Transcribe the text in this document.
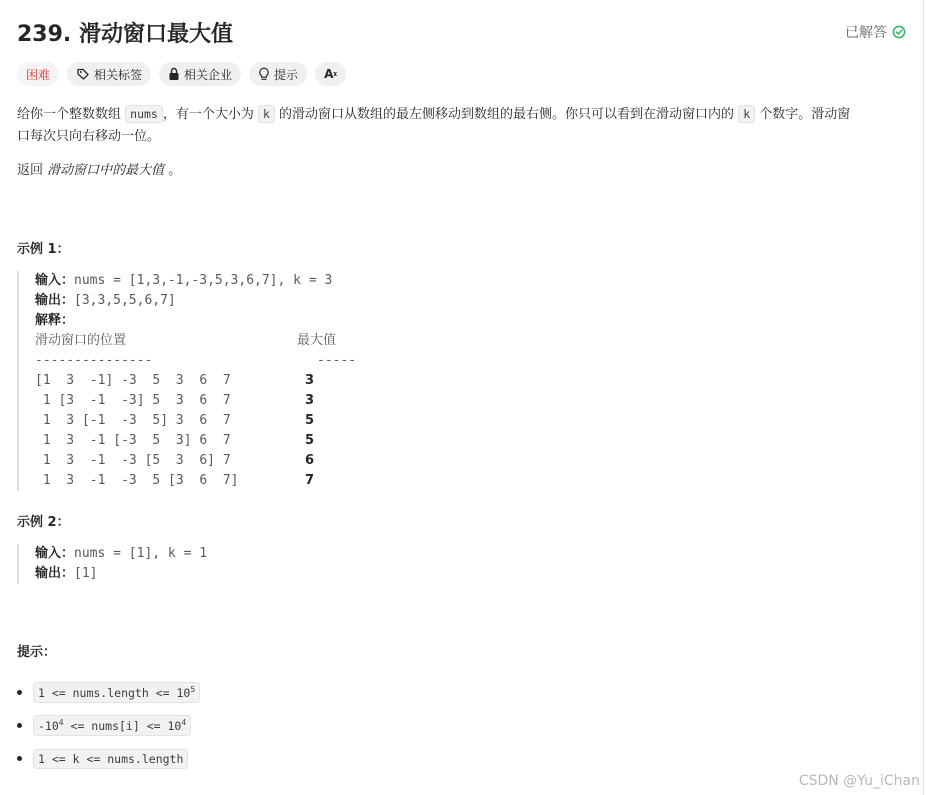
239. 滑动窗口最大值	已解答
困难	相关标签	相关企业	提示 Aᵡ

给你一个整数数组 nums ，有一个大小为 k 的滑动窗口从数组的最左侧移动到数组的最右侧。你只可以看到在滑动窗口内的 k 个数字。滑动窗
口每次只向右移动一位。

返回 滑动窗口中的最大值 。

示例 1：
输入：nums = [1,3,-1,-3,5,3,6,7], k = 3
输出：[3,3,5,5,6,7]
解释：
滑动窗口的位置	最大值
---------------	-----
[1  3  -1] -3  5  3  6  7	3
1 [3  -1  -3] 5  3  6  7	3
1  3 [-1  -3  5] 3  6  7	5
1  3  -1 [-3  5  3] 6  7	5
1  3  -1  -3 [5  3  6] 7	6
1  3  -1  -3  5 [3  6  7]	7
示例 2：
输入：nums = [1], k = 1
输出：[1]
提示：
1 <= nums.length <= $10^5$
$-10^4$ <= nums[i] <= $10^4$
1 <= k <= nums.length
CSDN @Yu_iChan
